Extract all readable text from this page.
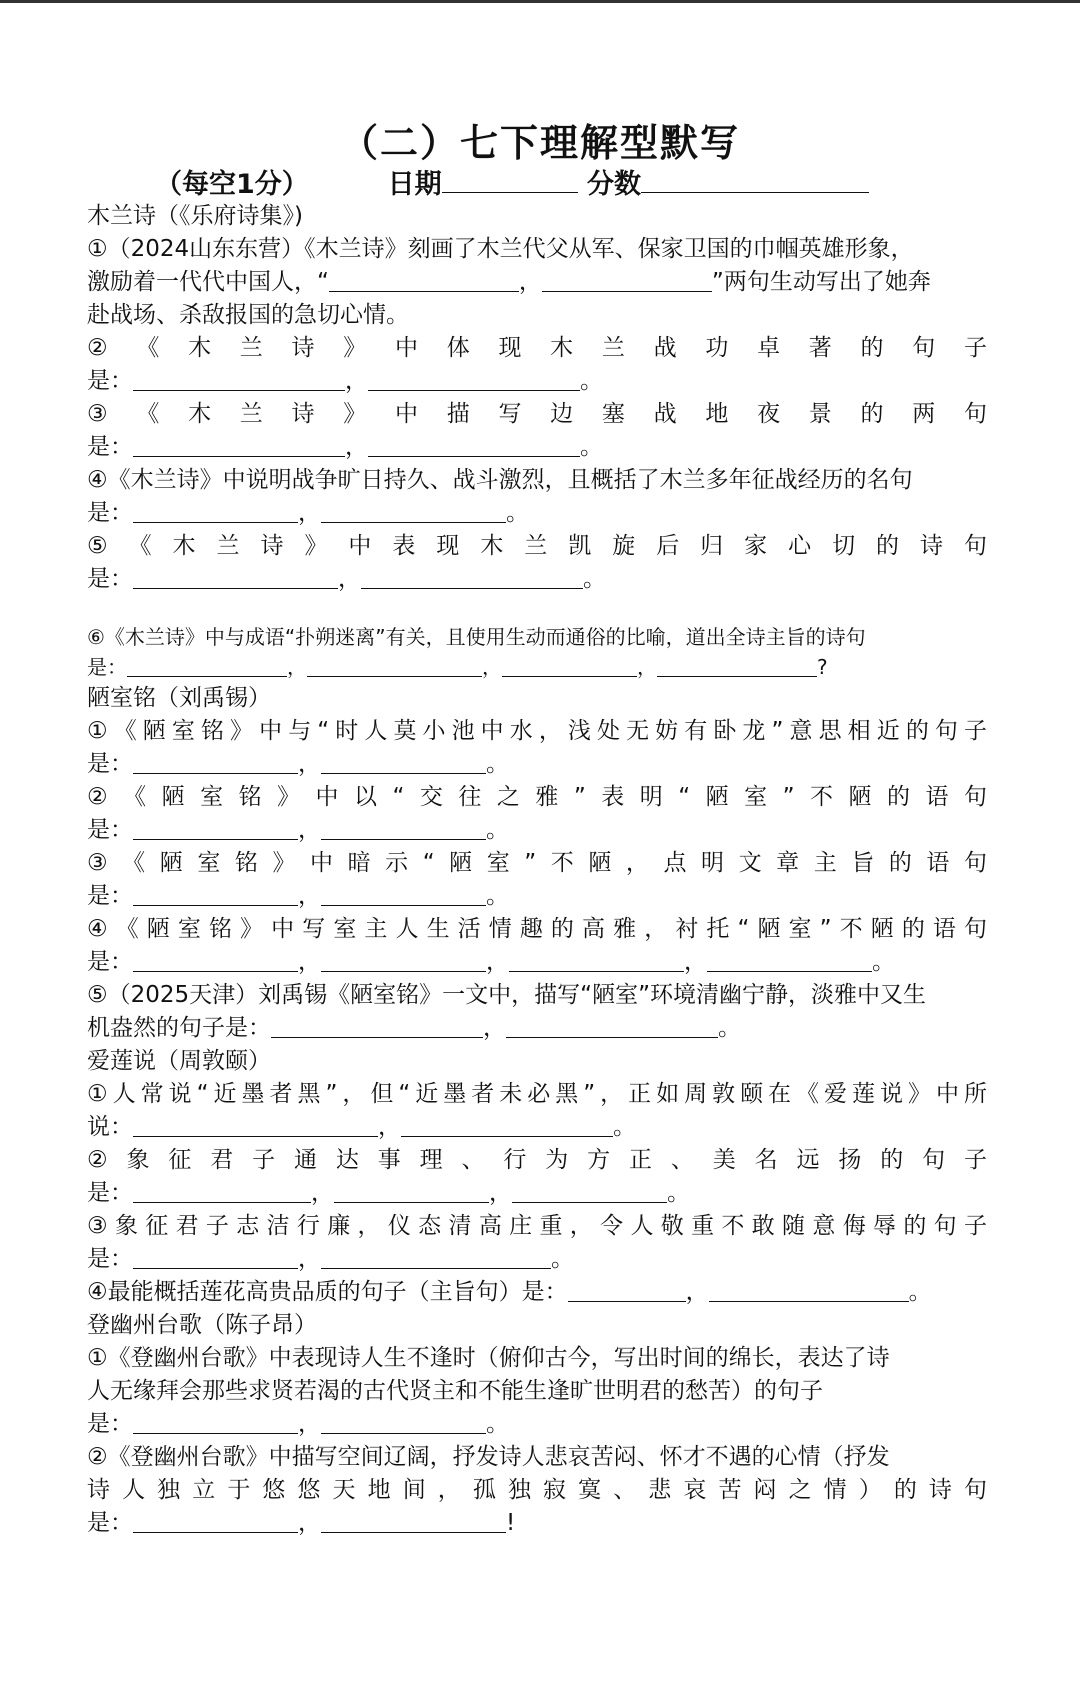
（二）七下理解型默写
（每空1分）	日期	分数
木兰诗（《乐府诗集》)
①（2024山东东营）《木兰诗》刻画了木兰代父从军、保家卫国的巾帼英雄形象，
激励着一代代中国人，“	，	”两句生动写出了她奔
赴战场、杀敌报国的急切心情。
②《木兰诗》中体现木兰战功卓著的句子
是：	，	。
③《木兰诗》中描写边塞战地夜景的两句
是：	，	。
④《木兰诗》中说明战争旷日持久、战斗激烈，且概括了木兰多年征战经历的名句
是：	，	。
⑤《木兰诗》中表现木兰凯旋后归家心切的诗句
是：	，	。
⑥《木兰诗》中与成语“扑朔迷离”有关，且使用生动而通俗的比喻，道出全诗主旨的诗句
是：	，	，	，	?
陋室铭（刘禹锡）
①《陋室铭》中与“时人莫小池中水，浅处无妨有卧龙”意思相近的句子
是：	，	。
②《陋室铭》中以“交往之雅”表明“陋室”不陋的语句
是：	，	。
③《陋室铭》中暗示“陋室”不陋，点明文章主旨的语句
是：	，	。
④《陋室铭》中写室主人生活情趣的高雅，衬托“陋室”不陋的语句
是：	，	，	，	。
⑤（2025天津）刘禹锡《陋室铭》一文中，描写“陋室”环境清幽宁静，淡雅中又生
机盎然的句子是：	，	。
爱莲说（周敦颐）
①人常说“近墨者黑”，但“近墨者未必黑”，正如周敦颐在《爱莲说》中所
说：	，	。
②象征君子通达事理、行为方正、美名远扬的句子
是：	，	，	。
③象征君子志洁行廉，仪态清高庄重，令人敬重不敢随意侮辱的句子
是：	，	。
④最能概括莲花高贵品质的句子（主旨句）是：	，	。
登幽州台歌（陈子昂）
①《登幽州台歌》中表现诗人生不逢时（俯仰古今，写出时间的绵长，表达了诗
人无缘拜会那些求贤若渴的古代贤主和不能生逢旷世明君的愁苦）的句子
是：	，	。
②《登幽州台歌》中描写空间辽阔，抒发诗人悲哀苦闷、怀才不遇的心情（抒发
诗人独立于悠悠天地间，孤独寂寞、悲哀苦闷之情）的诗句
是：	，	!
